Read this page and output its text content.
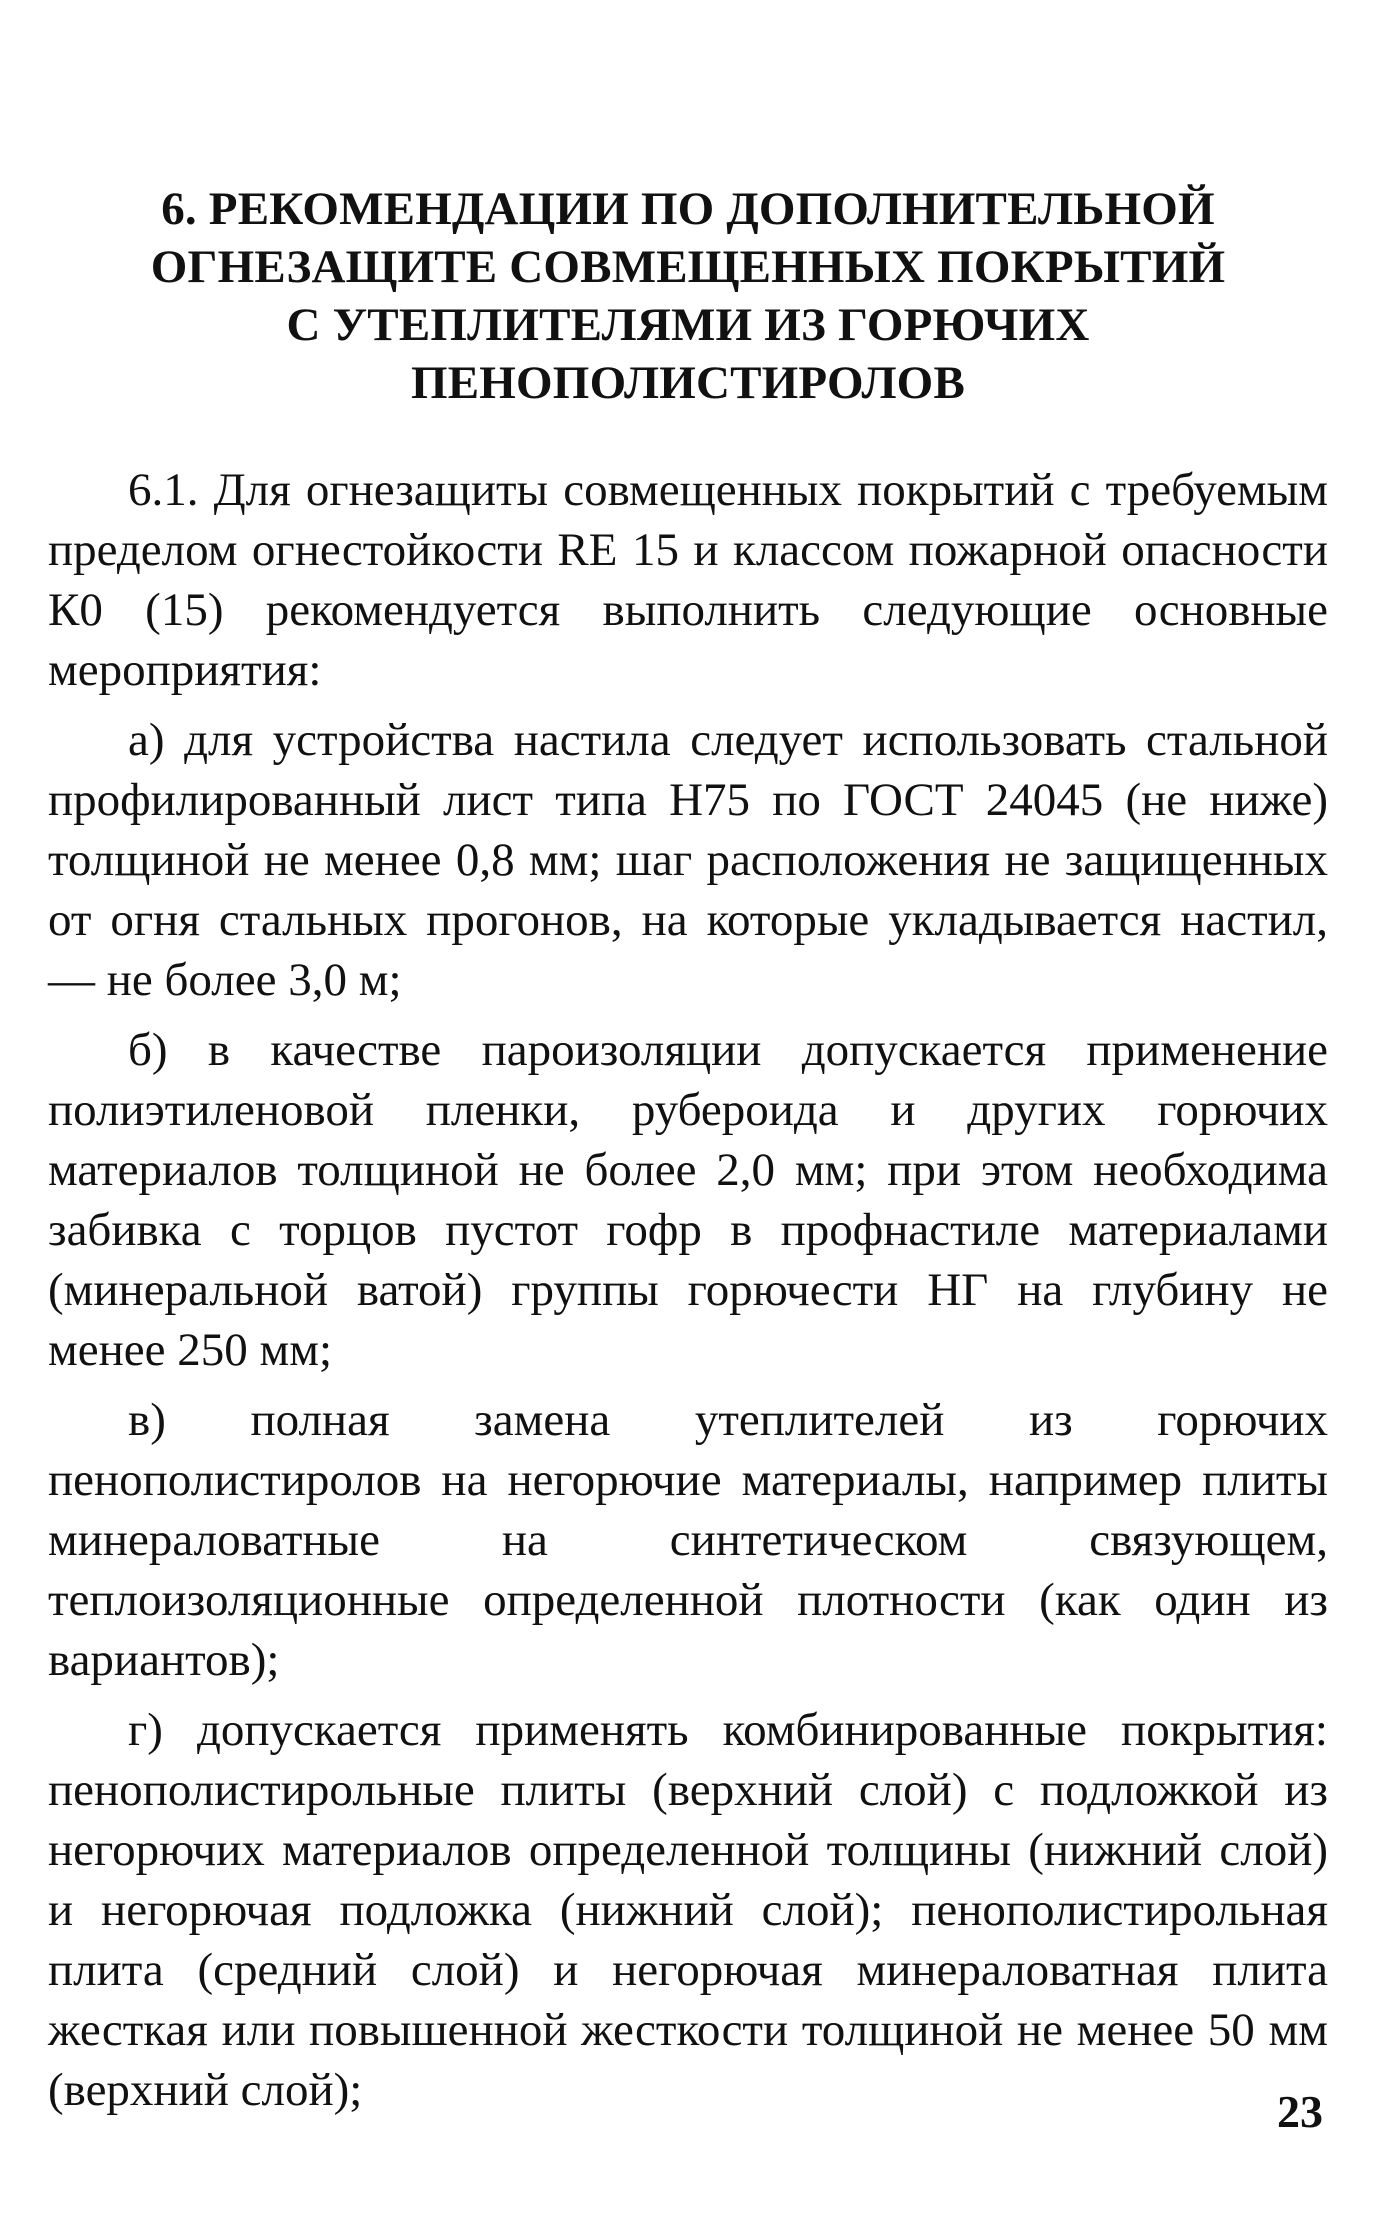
6. РЕКОМЕНДАЦИИ ПО ДОПОЛНИТЕЛЬНОЙ
ОГНЕЗАЩИТЕ СОВМЕЩЕННЫХ ПОКРЫТИЙ
С УТЕПЛИТЕЛЯМИ ИЗ ГОРЮЧИХ
ПЕНОПОЛИСТИРОЛОВ

6.1. Для огнезащиты совмещенных покрытий с требуемым пределом огнестойкости RE 15 и классом пожарной опасности К0 (15) рекомендуется выполнить следующие основные мероприятия:

а) для устройства настила следует использовать стальной профилированный лист типа Н75 по ГОСТ 24045 (не ниже) толщиной не менее 0,8 мм; шаг расположения не защищенных от огня стальных прогонов, на которые укладывается настил, — не более 3,0 м;

б) в качестве пароизоляции допускается применение полиэтиленовой пленки, рубероида и других горючих материалов толщиной не более 2,0 мм; при этом необходима забивка с торцов пустот гофр в профнастиле материалами (минеральной ватой) группы горючести НГ на глубину не менее 250 мм;

в) полная замена утеплителей из горючих пенополистиролов на негорючие материалы, например плиты минераловатные на синтетическом связующем, теплоизоляционные определенной плотности (как один из вариантов);

г) допускается применять комбинированные покрытия: пенополистирольные плиты (верхний слой) с подложкой из негорючих материалов определенной толщины (нижний слой) и негорючая подложка (нижний слой); пенополистирольная плита (средний слой) и негорючая минераловатная плита жесткая или повышенной жесткости толщиной не менее 50 мм (верхний слой);	23
